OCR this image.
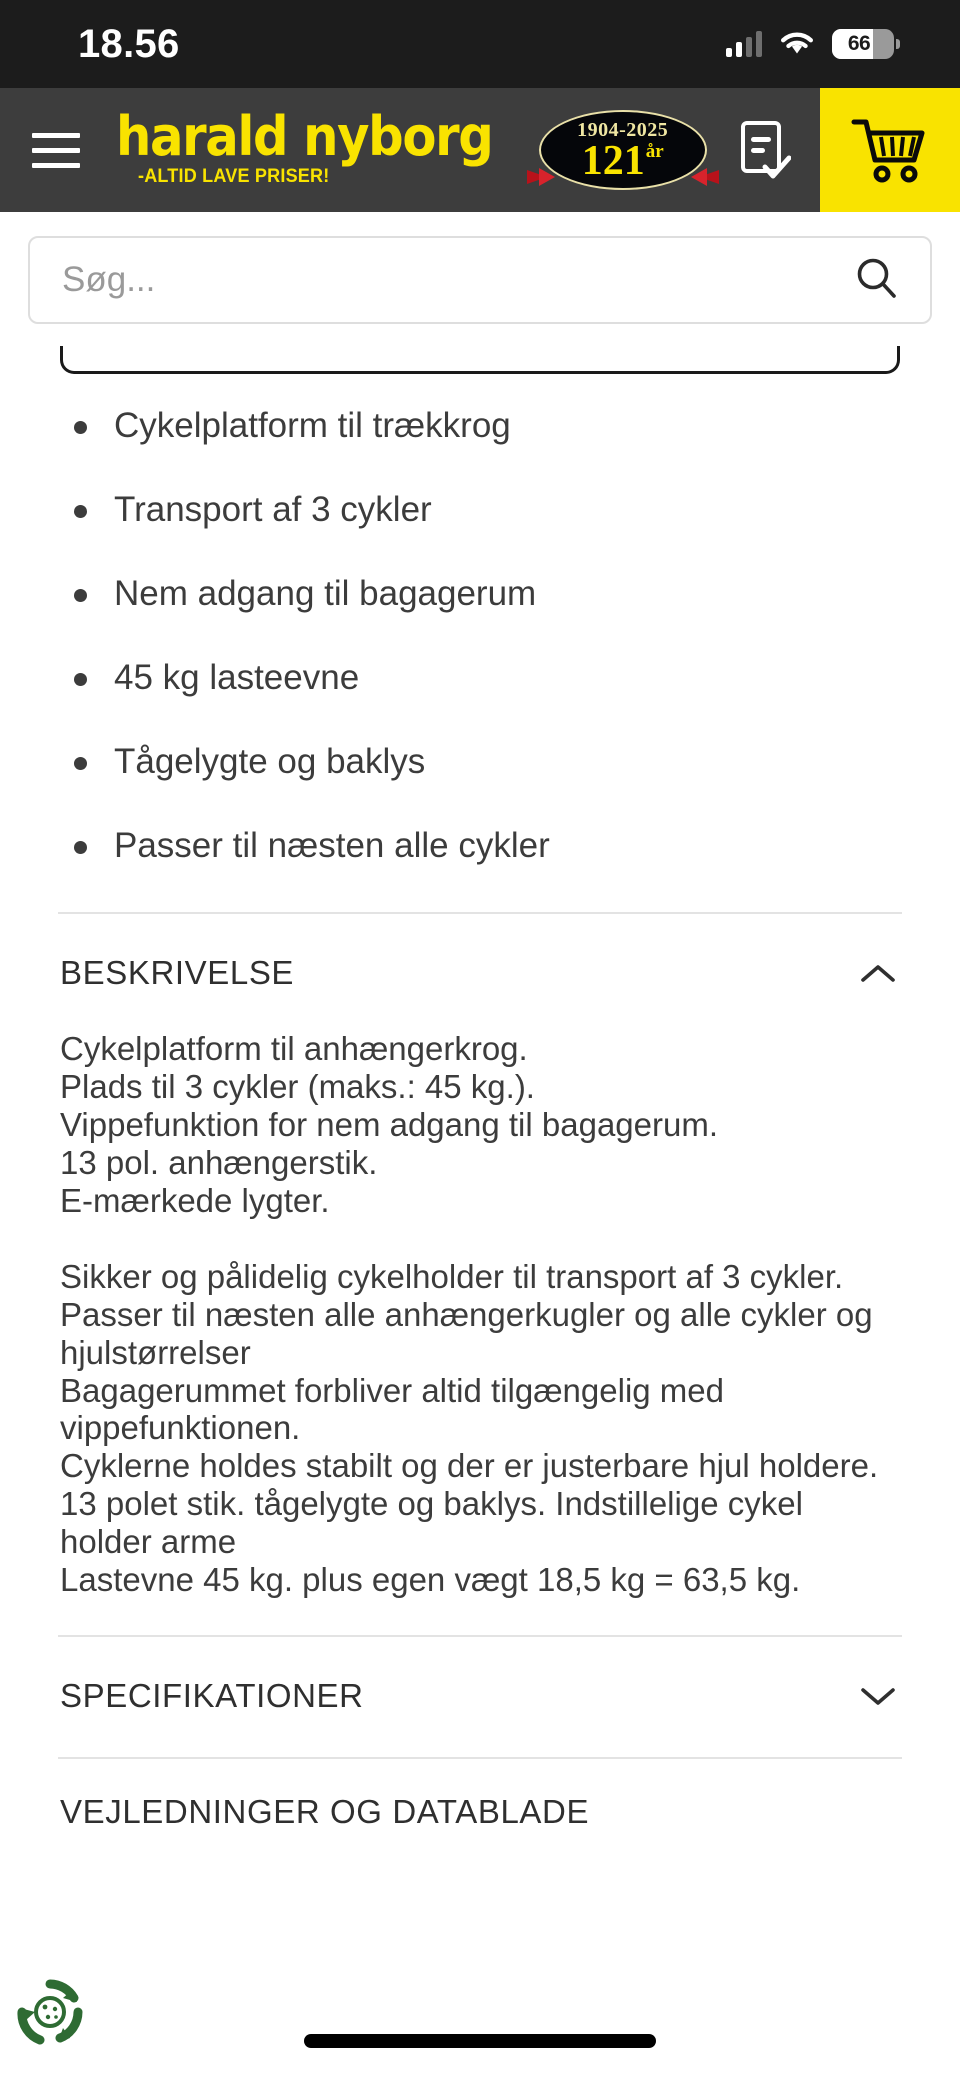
18.56	66
harald nyborg
-ALTID LAVE PRISER!
1904-2025
$121^{år}$
Søg...
Cykelplatform til trækkrog
Transport af 3 cykler
Nem adgang til bagagerum
45 kg lasteevne
Tågelygte og baklys
Passer til næsten alle cykler
BESKRIVELSE

Cykelplatform til anhængerkrog.

Plads til 3 cykler (maks.: 45 kg.).

Vippefunktion for nem adgang til bagagerum.

13 pol. anhængerstik.

E-mærkede lygter.

Sikker og pålidelig cykelholder til transport af 3 cykler.

Passer til næsten alle anhængerkugler og alle cykler og hjulstørrelser

Bagagerummet forbliver altid tilgængelig med vippefunktionen.

Cyklerne holdes stabilt og der er justerbare hjul holdere.

13 polet stik. tågelygte og baklys. Indstillelige cykel holder arme

Lastevne 45 kg. plus egen vægt 18,5 kg = 63,5 kg.

SPECIFIKATIONER
VEJLEDNINGER OG DATABLADE
